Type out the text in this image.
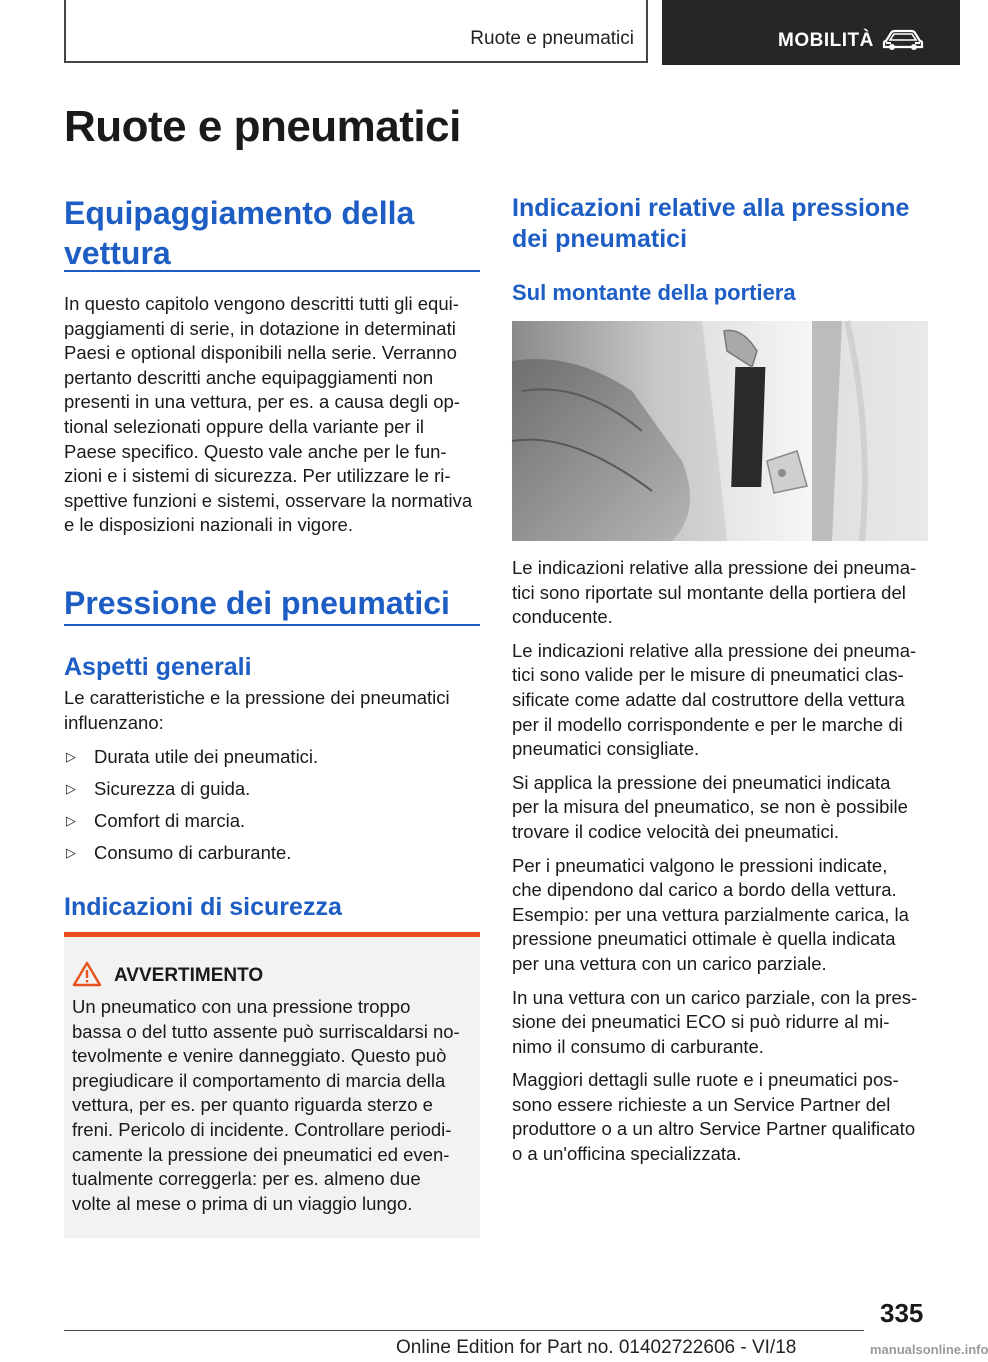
Ruote e pneumatici	MOBILITÀ
Ruote e pneumatici
Equipaggiamento della vettura

In questo capitolo vengono descritti tutti gli equi-

paggiamenti di serie, in dotazione in determinati

Paesi e optional disponibili nella serie. Verranno

pertanto descritti anche equipaggiamenti non

presenti in una vettura, per es. a causa degli op-

tional selezionati oppure della variante per il

Paese specifico. Questo vale anche per le fun-

zioni e i sistemi di sicurezza. Per utilizzare le ri-

spettive funzioni e sistemi, osservare la normativa

e le disposizioni nazionali in vigore.

Pressione dei pneumatici
Aspetti generali

Le caratteristiche e la pressione dei pneumatici

influenzano:

▷ Durata utile dei pneumatici.
▷ Sicurezza di guida.
▷ Comfort di marcia.
▷ Consumo di carburante.
Indicazioni di sicurezza
AVVERTIMENTO

Un pneumatico con una pressione troppo

bassa o del tutto assente può surriscaldarsi no-

tevolmente e venire danneggiato. Questo può

pregiudicare il comportamento di marcia della

vettura, per es. per quanto riguarda sterzo e

freni. Pericolo di incidente. Controllare periodi-

camente la pressione dei pneumatici ed even-

tualmente correggerla: per es. almeno due

volte al mese o prima di un viaggio lungo.

Indicazioni relative alla pressione dei pneumatici
Sul montante della portiera

Le indicazioni relative alla pressione dei pneuma-

tici sono riportate sul montante della portiera del

conducente.

Le indicazioni relative alla pressione dei pneuma-

tici sono valide per le misure di pneumatici clas-

sificate come adatte dal costruttore della vettura

per il modello corrispondente e per le marche di

pneumatici consigliate.

Si applica la pressione dei pneumatici indicata

per la misura del pneumatico, se non è possibile

trovare il codice velocità dei pneumatici.

Per i pneumatici valgono le pressioni indicate,

che dipendono dal carico a bordo della vettura.

Esempio: per una vettura parzialmente carica, la

pressione pneumatici ottimale è quella indicata

per una vettura con un carico parziale.

In una vettura con un carico parziale, con la pres-

sione dei pneumatici ECO si può ridurre al mi-

nimo il consumo di carburante.

Maggiori dettagli sulle ruote e i pneumatici pos-

sono essere richieste a un Service Partner del

produttore o a un altro Service Partner qualificato

o a un'officina specializzata.

335
Online Edition for Part no. 01402722606 - VI/18	manualsonline.info
